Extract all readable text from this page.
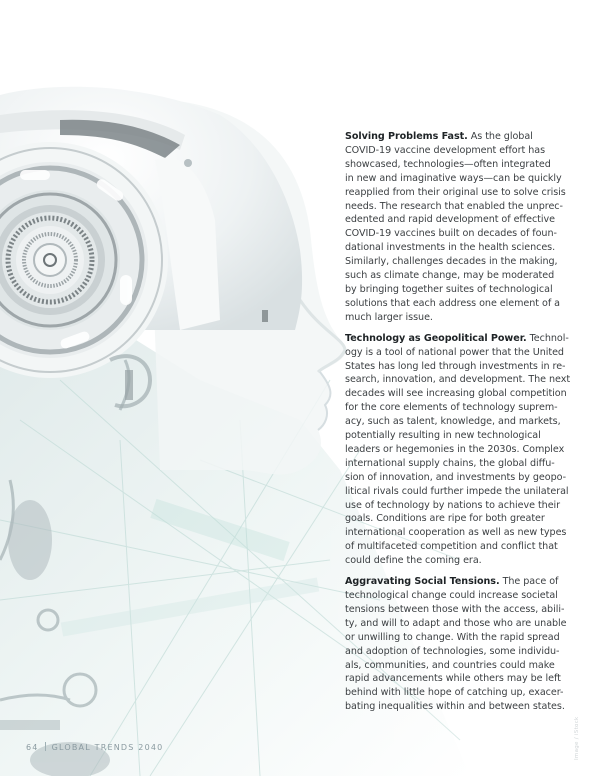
Solving Problems Fast. As the global
COVID-19 vaccine development effort has
showcased, technologies—often integrated
in new and imaginative ways—can be quickly
reapplied from their original use to solve crisis
needs. The research that enabled the unprec-
edented and rapid development of effective
COVID-19 vaccines built on decades of foun-
dational investments in the health sciences.
Similarly, challenges decades in the making,
such as climate change, may be moderated
by bringing together suites of technological
solutions that each address one element of a
much larger issue.

Technology as Geopolitical Power. Technol-
ogy is a tool of national power that the United
States has long led through investments in re-
search, innovation, and development. The next
decades will see increasing global competition
for the core elements of technology suprem-
acy, such as talent, knowledge, and markets,
potentially resulting in new technological
leaders or hegemonies in the 2030s. Complex
international supply chains, the global diffu-
sion of innovation, and investments by geopo-
litical rivals could further impede the unilateral
use of technology by nations to achieve their
goals. Conditions are ripe for both greater
international cooperation as well as new types
of multifaceted competition and conflict that
could define the coming era.

Aggravating Social Tensions. The pace of
technological change could increase societal
tensions between those with the access, abili-
ty, and will to adapt and those who are unable
or unwilling to change. With the rapid spread
and adoption of technologies, some individu-
als, communities, and countries could make
rapid advancements while others may be left
behind with little hope of catching up, exacer-
bating inequalities within and between states.

64 GLOBAL TRENDS 2040	Image / iStock
